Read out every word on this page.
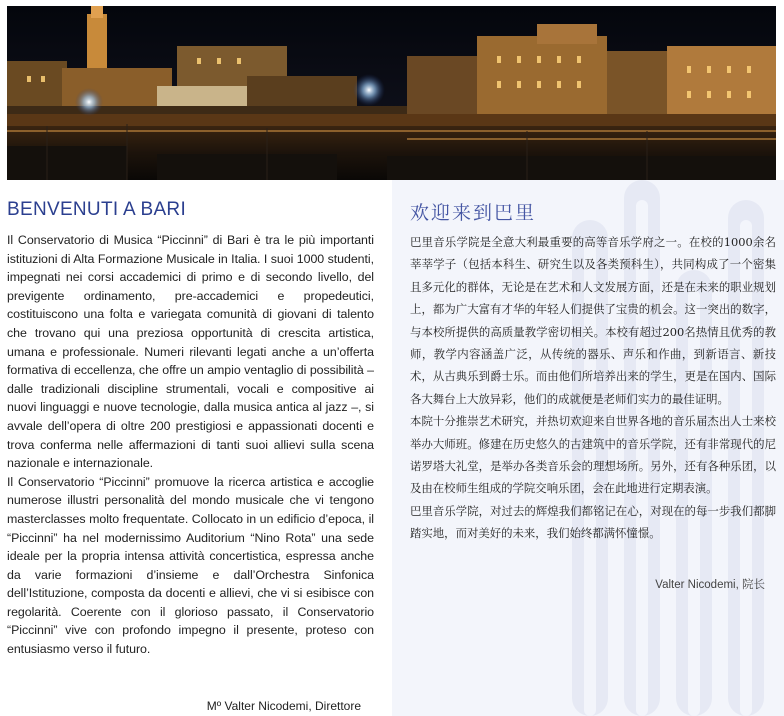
BENVENUTI A BARI

Il Conservatorio di Musica “Piccinni” di Bari è tra le più importanti istituzioni di Alta Formazione Musicale in Italia. I suoi 1000 studenti, impegnati nei corsi accademici di primo e di secondo livello, del previgente ordinamento, pre-accademici e propedeutici, costituiscono una folta e variegata comunità di giovani di talento che trovano qui una preziosa opportunità di crescita artistica, umana e professionale. Numeri rilevanti legati anche a un’offerta formativa di eccellenza, che offre un ampio ventaglio di possibilità – dalle tradizionali discipline strumentali, vocali e compositive ai nuovi linguaggi e nuove tecnologie, dalla musica antica al jazz –, si avvale dell’opera di oltre 200 prestigiosi e appassionati docenti e trova conferma nelle affermazioni di tanti suoi allievi sulla scena nazionale e internazionale.

Il Conservatorio “Piccinni” promuove la ricerca artistica e accoglie numerose illustri personalità del mondo musicale che vi tengono masterclasses molto frequentate. Collocato in un edificio d’epoca, il “Piccinni” ha nel modernissimo Auditorium “Nino Rota” una sede ideale per la propria intensa attività concertistica, espressa anche da varie formazioni d’insieme e dall’Orchestra Sinfonica dell’Istituzione, composta da docenti e allievi, che vi si esibisce con regolarità. Coerente con il glorioso passato, il Conservatorio “Piccinni” vive con profondo impegno il presente, proteso con entusiasmo verso il futuro.

Mº Valter Nicodemi, Direttore
欢迎来到巴里

巴里音乐学院是全意大利最重要的高等音乐学府之一。在校的1000余名莘莘学子（包括本科生、研究生以及各类预科生），共同构成了一个密集且多元化的群体，无论是在艺术和人文发展方面，还是在未来的职业规划上，都为广大富有才华的年轻人们提供了宝贵的机会。这一突出的数字，与本校所提供的高质量教学密切相关。本校有超过200名热情且优秀的教师，教学内容涵盖广泛，从传统的器乐、声乐和作曲，到新语言、新技术，从古典乐到爵士乐。而由他们所培养出来的学生，更是在国内、国际各大舞台上大放异彩，他们的成就便是老师们实力的最佳证明。

本院十分推崇艺术研究，并热切欢迎来自世界各地的音乐届杰出人士来校举办大师班。修建在历史悠久的古建筑中的音乐学院，还有非常现代的尼诺罗塔大礼堂，是举办各类音乐会的理想场所。另外，还有各种乐团，以及由在校师生组成的学院交响乐团，会在此地进行定期表演。

巴里音乐学院，对过去的辉煌我们都铭记在心，对现在的每一步我们都脚踏实地，而对美好的未来，我们始终都满怀憧憬。

Valter Nicodemi, 院长
